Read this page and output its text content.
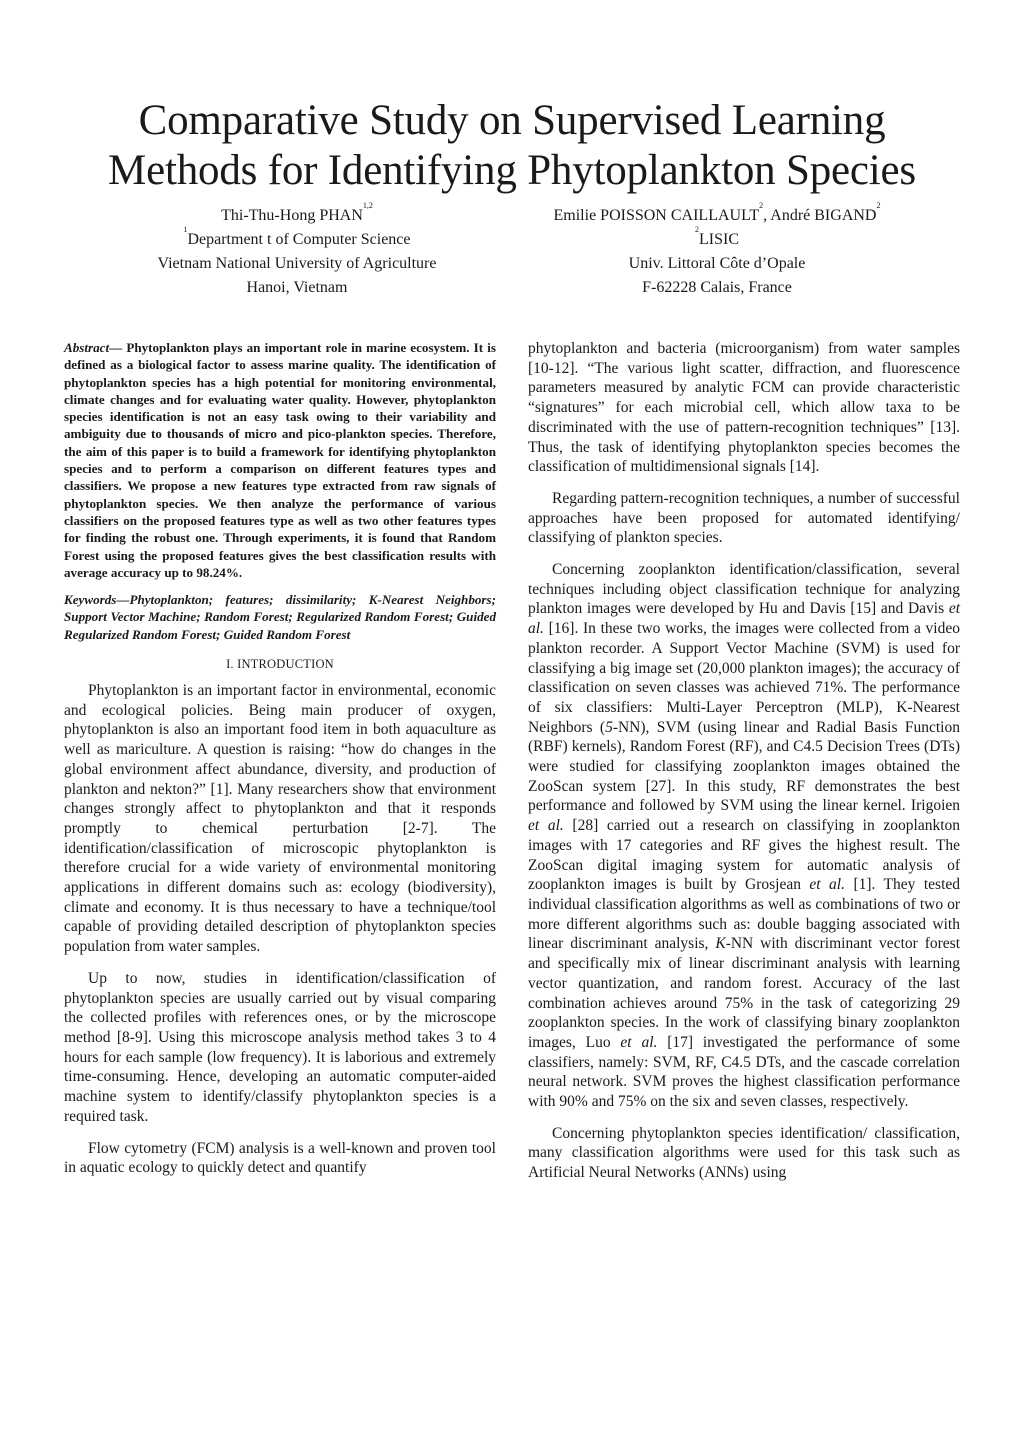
Comparative Study on Supervised Learning
Methods for Identifying Phytoplankton Species
Thi-Thu-Hong PHAN$^{1,2}$
$^1$Department t of Computer Science
Vietnam National University of Agriculture
Hanoi, Vietnam
Emilie POISSON CAILLAULT$^2$, André BIGAND$^2$
$^2$LISIC
Univ. Littoral Côte d’Opale
F-62228 Calais, France

Abstract— Phytoplankton plays an important role in marine ecosystem. It is defined as a biological factor to assess marine quality. The identification of phytoplankton species has a high potential for monitoring environmental, climate changes and for evaluating water quality. However, phytoplankton species identification is not an easy task owing to their variability and ambiguity due to thousands of micro and pico-plankton species. Therefore, the aim of this paper is to build a framework for identifying phytoplankton species and to perform a comparison on different features types and classifiers. We propose a new features type extracted from raw signals of phytoplankton species. We then analyze the performance of various classifiers on the proposed features type as well as two other features types for finding the robust one. Through experiments, it is found that Random Forest using the proposed features gives the best classification results with average accuracy up to 98.24%.

Keywords—Phytoplankton; features; dissimilarity; K-Nearest Neighbors; Support Vector Machine; Random Forest; Regularized Random Forest; Guided Regularized Random Forest; Guided Random Forest

I. INTRODUCTION

Phytoplankton is an important factor in environmental, economic and ecological policies. Being main producer of oxygen, phytoplankton is also an important food item in both aquaculture as well as mariculture. A question is raising: “how do changes in the global environment affect abundance, diversity, and production of plankton and nekton?” [1]. Many researchers show that environment changes strongly affect to phytoplankton and that it responds promptly to chemical perturbation [2-7]. The identification/classification of microscopic phytoplankton is therefore crucial for a wide variety of environmental monitoring applications in different domains such as: ecology (biodiversity), climate and economy. It is thus necessary to have a technique/tool capable of providing detailed description of phytoplankton species population from water samples.

Up to now, studies in identification/classification of phytoplankton species are usually carried out by visual comparing the collected profiles with references ones, or by the microscope method [8-9]. Using this microscope analysis method takes 3 to 4 hours for each sample (low frequency). It is laborious and extremely time-consuming. Hence, developing an automatic computer-aided machine system to identify/classify phytoplankton species is a required task.

Flow cytometry (FCM) analysis is a well-known and proven tool in aquatic ecology to quickly detect and quantify

phytoplankton and bacteria (microorganism) from water samples [10-12]. “The various light scatter, diffraction, and fluorescence parameters measured by analytic FCM can provide characteristic “signatures” for each microbial cell, which allow taxa to be discriminated with the use of pattern-recognition techniques” [13]. Thus, the task of identifying phytoplankton species becomes the classification of multidimensional signals [14].

Regarding pattern-recognition techniques, a number of successful approaches have been proposed for automated identifying/ classifying of plankton species.

Concerning zooplankton identification/classification, several techniques including object classification technique for analyzing plankton images were developed by Hu and Davis [15] and Davis et al. [16]. In these two works, the images were collected from a video plankton recorder. A Support Vector Machine (SVM) is used for classifying a big image set (20,000 plankton images); the accuracy of classification on seven classes was achieved 71%. The performance of six classifiers: Multi-Layer Perceptron (MLP), K-Nearest Neighbors (5-NN), SVM (using linear and Radial Basis Function (RBF) kernels), Random Forest (RF), and C4.5 Decision Trees (DTs) were studied for classifying zooplankton images obtained the ZooScan system [27]. In this study, RF demonstrates the best performance and followed by SVM using the linear kernel. Irigoien et al. [28] carried out a research on classifying in zooplankton images with 17 categories and RF gives the highest result. The ZooScan digital imaging system for automatic analysis of zooplankton images is built by Grosjean et al. [1]. They tested individual classification algorithms as well as combinations of two or more different algorithms such as: double bagging associated with linear discriminant analysis, K-NN with discriminant vector forest and specifically mix of linear discriminant analysis with learning vector quantization, and random forest. Accuracy of the last combination achieves around 75% in the task of categorizing 29 zooplankton species. In the work of classifying binary zooplankton images, Luo et al. [17] investigated the performance of some classifiers, namely: SVM, RF, C4.5 DTs, and the cascade correlation neural network. SVM proves the highest classification performance with 90% and 75% on the six and seven classes, respectively.

Concerning phytoplankton species identification/ classification, many classification algorithms were used for this task such as Artificial Neural Networks (ANNs) using
